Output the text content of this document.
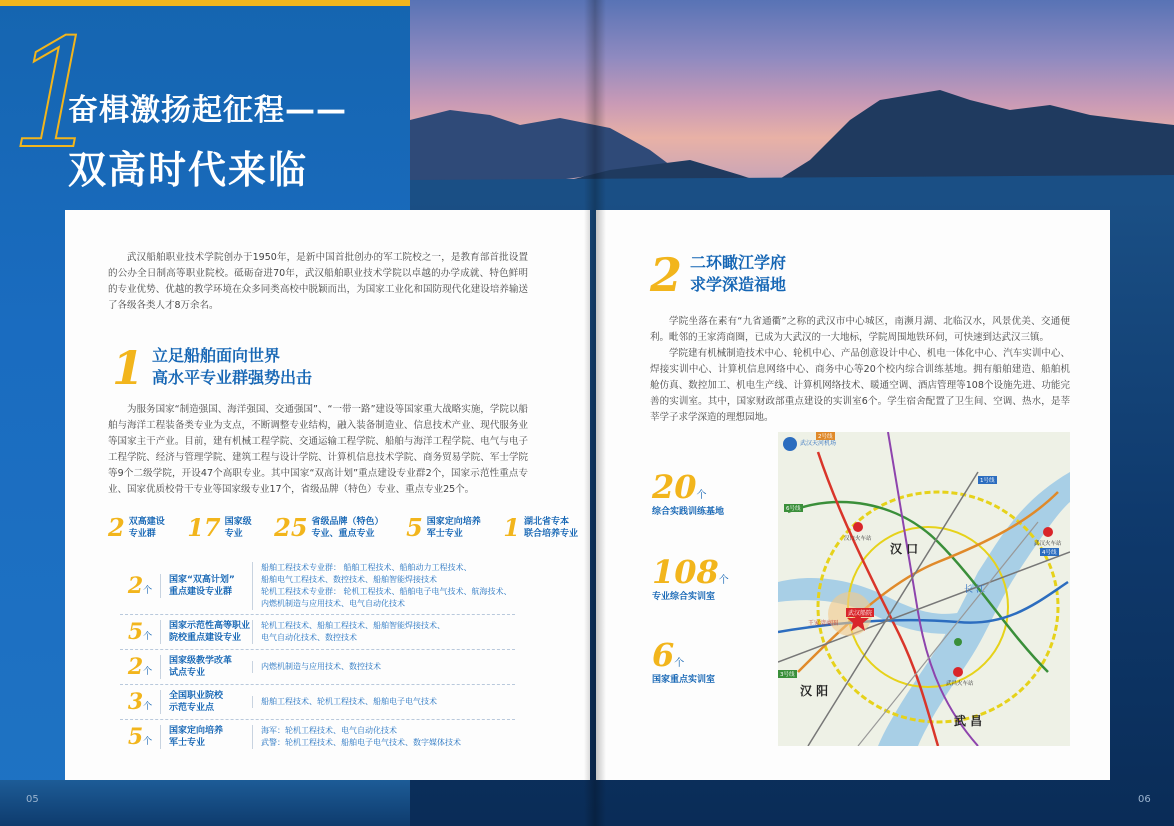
1
奋楫激扬起征程——
双高时代来临
武汉船舶职业技术学院创办于1950年，是新中国首批创办的军工院校之一，是教育部首批设置的公办全日制高等职业院校。砥砺奋进70年，武汉船舶职业技术学院以卓越的办学成就、特色鲜明的专业优势、优越的教学环境在众多同类高校中脱颖而出，为国家工业化和国防现代化建设培养输送了各级各类人才8万余名。
1 立足船舶面向世界
高水平专业群强势出击
为服务国家“制造强国、海洋强国、交通强国”、“一带一路”建设等国家重大战略实施，学院以船舶与海洋工程装备类专业为支点，不断调整专业结构，融入装备制造业、信息技术产业、现代服务业等国家主干产业。目前，建有机械工程学院、交通运输工程学院、船舶与海洋工程学院、电气与电子工程学院、经济与管理学院、建筑工程与设计学院、计算机信息技术学院、商务贸易学院、军士学院等9个二级学院，开设47个高职专业。其中国家“双高计划”重点建设专业群2个，国家示范性重点专业、国家优质校骨干专业等国家级专业17个，省级品牌（特色）专业、重点专业25个。
2 双高建设
专业群	17 国家级
专业	25 省级品牌（特色）
专业、重点专业	5 国家定向培养
军士专业	1 湖北省专本
联合培养专业
2个
国家“双高计划”
重点建设专业群
船舶工程技术专业群： 船舶工程技术、船舶动力工程技术、
船舶电气工程技术、数控技术、船舶智能焊接技术
轮机工程技术专业群： 轮机工程技术、船舶电子电气技术、航海技术、
内燃机制造与应用技术、电气自动化技术
5个
国家示范性高等职业
院校重点建设专业
轮机工程技术、船舶工程技术、船舶智能焊接技术、
电气自动化技术、数控技术
2个
国家级教学改革
试点专业
内燃机制造与应用技术、数控技术
3个
全国职业院校
示范专业点
船舶工程技术、轮机工程技术、船舶电子电气技术
5个
国家定向培养
军士专业
海军：轮机工程技术、电气自动化技术
武警：轮机工程技术、船舶电子电气技术、数字媒体技术
05
2 二环瞰江学府
求学深造福地
学院坐落在素有“九省通衢”之称的武汉市中心城区，南濒月湖、北临汉水，风景优美、交通便利。毗邻的王家湾商圈，已成为大武汉的一大地标，学院周围地铁环伺，可快速到达武汉三镇。
学院建有机械制造技术中心、轮机中心、产品创意设计中心、机电一体化中心、汽车实训中心、焊接实训中心、计算机信息网络中心、商务中心等20个校内综合训练基地。拥有船舶建造、船舶机舱仿真、数控加工、机电生产线、计算机网络技术、暖通空调、酒店管理等108个设施先进、功能完善的实训室。其中，国家财政部重点建设的实训室6个。学生宿舍配置了卫生间、空调、热水，是莘莘学子求学深造的理想园地。
20个
综合实践训练基地
108个
专业综合实训室
6个
国家重点实训室
武汉天河机场
汉 口
汉 阳
武 昌
武汉船院
王家湾商圈
汉口火车站
武汉火车站
武昌火车站
长 江
2号线
3号线
4号线
6号线
1号线
06
